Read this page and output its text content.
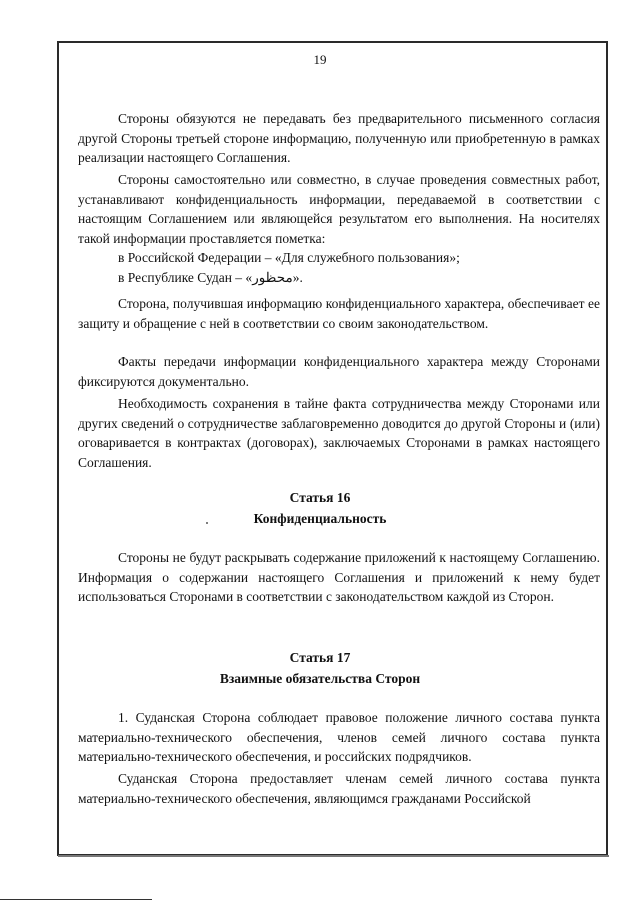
19

Стороны обязуются не передавать без предварительного письменного согласия другой Стороны третьей стороне информацию, полученную или приобретенную в рамках реализации настоящего Соглашения.

Стороны самостоятельно или совместно, в случае проведения совместных работ, устанавливают конфиденциальность информации, передаваемой в соответствии с настоящим Соглашением или являющейся результатом его выполнения. На носителях такой информации проставляется пометка:

в Российской Федерации – «Для служебного пользования»;

в Республике Судан – «محظور».

Сторона, получившая информацию конфиденциального характера, обеспечивает ее защиту и обращение с ней в соответствии со своим законодательством.

Факты передачи информации конфиденциального характера между Сторонами фиксируются документально.

Необходимость сохранения в тайне факта сотрудничества между Сторонами или других сведений о сотрудничестве заблаговременно доводится до другой Стороны и (или) оговаривается в контрактах (договорах), заключаемых Сторонами в рамках настоящего Соглашения.

Статья 16
Конфиденциальность

Стороны не будут раскрывать содержание приложений к настоящему Соглашению. Информация о содержании настоящего Соглашения и приложений к нему будет использоваться Сторонами в соответствии с законодательством каждой из Сторон.

Статья 17
Взаимные обязательства Сторон

1. Суданская Сторона соблюдает правовое положение личного состава пункта материально-технического обеспечения, членов семей личного состава пункта материально-технического обеспечения, и российских подрядчиков.

Суданская Сторона предоставляет членам семей личного состава пункта материально-технического обеспечения, являющимся гражданами Российской
